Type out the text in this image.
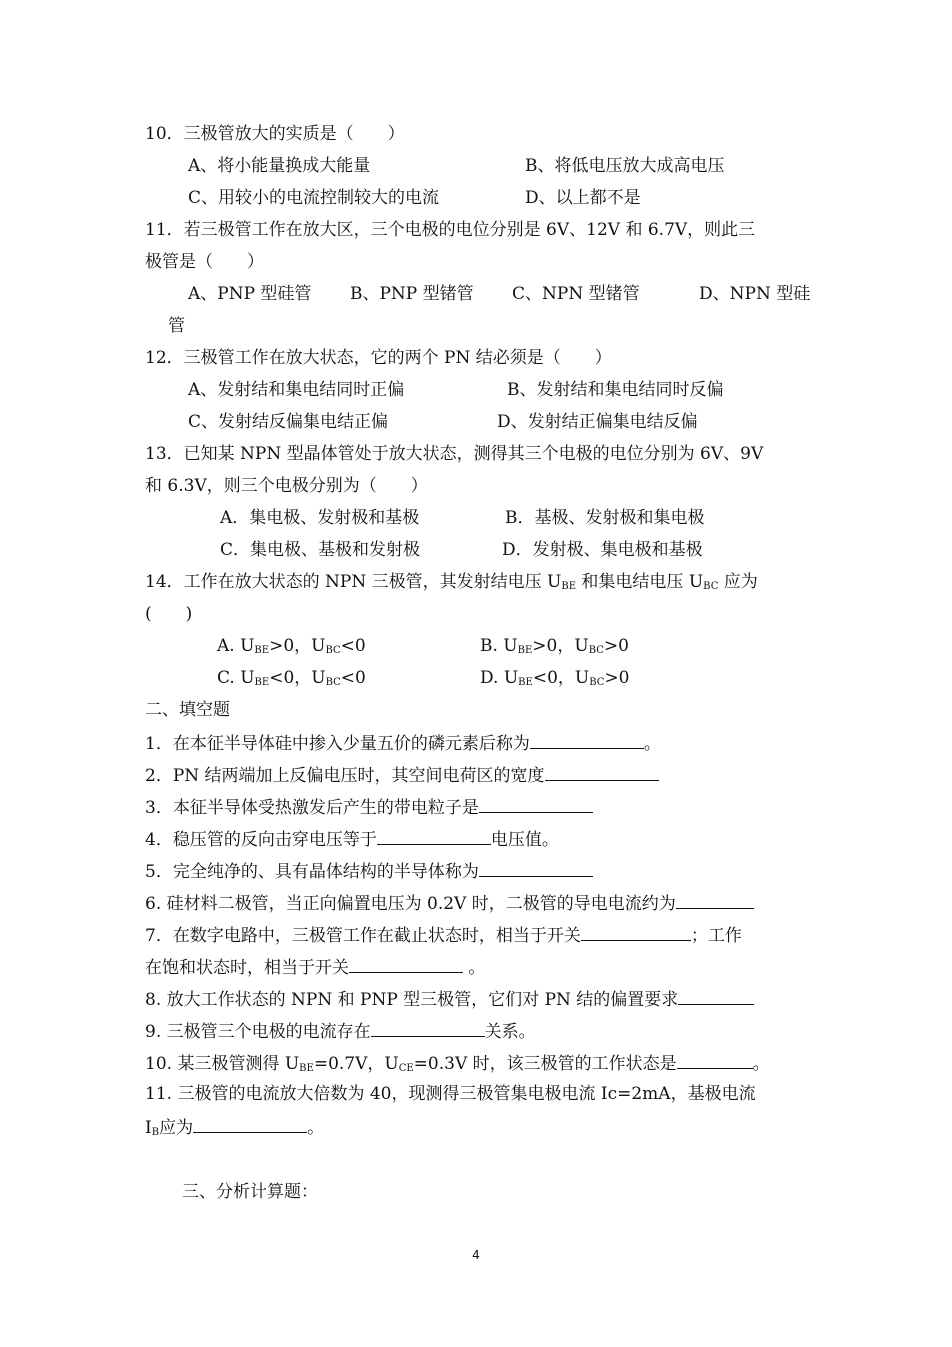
10．三极管放大的实质是（　　）
A、将小能量换成大能量	B、将低电压放大成高电压
C、用较小的电流控制较大的电流	D、以上都不是
11．若三极管工作在放大区，三个电极的电位分别是 6V、12V 和 6.7V，则此三
极管是（　　）
A、PNP 型硅管 B、PNP 型锗管 C、NPN 型锗管	D、NPN 型硅
管
12．三极管工作在放大状态，它的两个 PN 结必须是（　　）
A、发射结和集电结同时正偏	B、发射结和集电结同时反偏
C、发射结反偏集电结正偏	D、发射结正偏集电结反偏
13．已知某 NPN 型晶体管处于放大状态，测得其三个电极的电位分别为 6V、9V
和 6.3V，则三个电极分别为（　　）
A．集电极、发射极和基极	B．基极、发射极和集电极
C．集电极、基极和发射极	D．发射极、集电极和基极
14．工作在放大状态的 NPN 三极管，其发射结电压 $U_{BE}$ 和集电结电压 $U_{BC}$ 应为
(　　)
A. $U_{BE}>0$，$U_{BC}<0$	B. $U_{BE}>0$，$U_{BC}>0$
C. $U_{BE}<0$，$U_{BC}<0$	D. $U_{BE}<0$，$U_{BC}>0$
二、填空题
1．在本征半导体硅中掺入少量五价的磷元素后称为	。
2．PN 结两端加上反偏电压时，其空间电荷区的宽度
3．本征半导体受热激发后产生的带电粒子是
4．稳压管的反向击穿电压等于	电压值。
5．完全纯净的、具有晶体结构的半导体称为
6. 硅材料二极管，当正向偏置电压为 0.2V 时，二极管的导电电流约为
7．在数字电路中，三极管工作在截止状态时，相当于开关	；工作
在饱和状态时，相当于开关	。
8. 放大工作状态的 NPN 和 PNP 型三极管，它们对 PN 结的偏置要求
9. 三极管三个电极的电流存在	关系。
10. 某三极管测得 $U_{BE}=0.7V$，$U_{CE}=0.3V$ 时，该三极管的工作状态是	。
11. 三极管的电流放大倍数为 40，现测得三极管集电极电流 Ic=2mA，基极电流
$I_B$应为	。
三、分析计算题：
4
